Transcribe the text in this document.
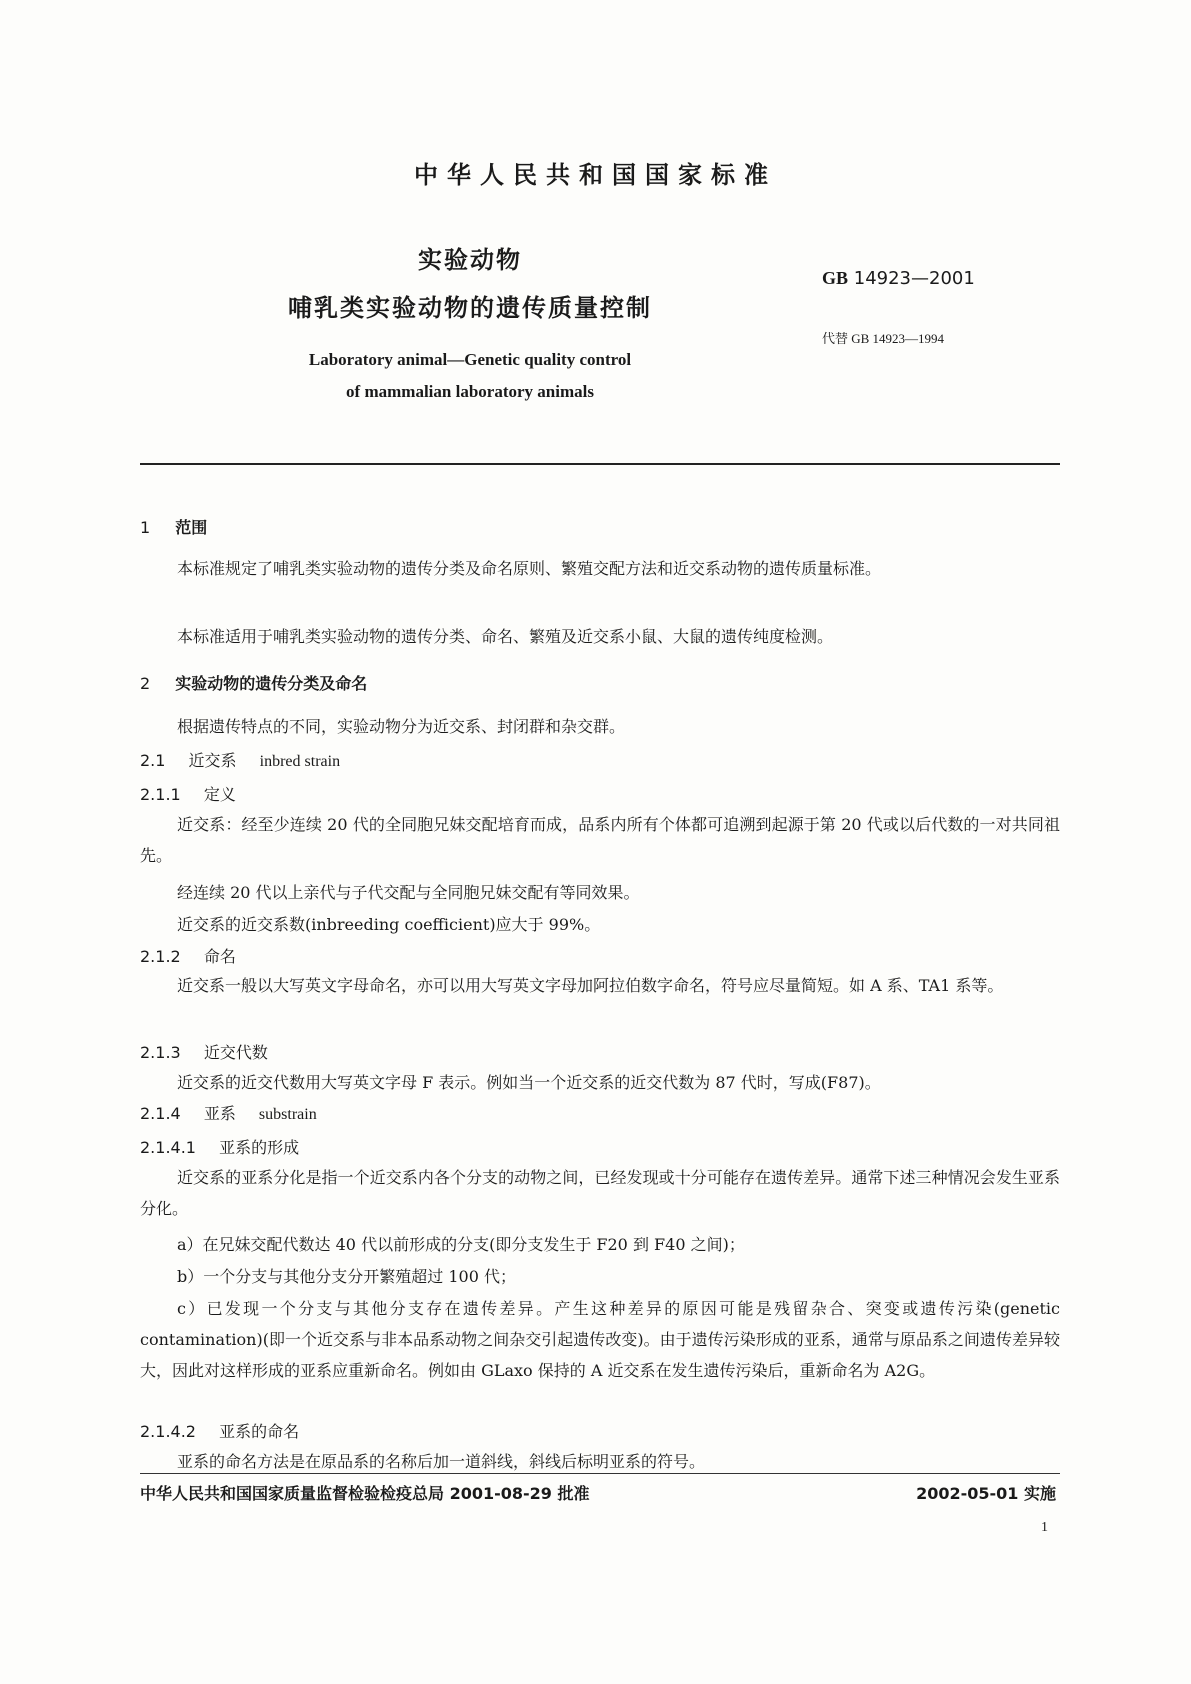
中华人民共和国国家标准
实验动物
哺乳类实验动物的遗传质量控制
Laboratory animal—Genetic quality control
of mammalian laboratory animals
GB 14923—2001
代替 GB 14923—1994
1 范围
本标准规定了哺乳类实验动物的遗传分类及命名原则、繁殖交配方法和近交系动物的遗传质量标准。
本标准适用于哺乳类实验动物的遗传分类、命名、繁殖及近交系小鼠、大鼠的遗传纯度检测。
2 实验动物的遗传分类及命名
根据遗传特点的不同，实验动物分为近交系、封闭群和杂交群。
2.1 近交系 inbred strain
2.1.1 定义
近交系：经至少连续 20 代的全同胞兄妹交配培育而成，品系内所有个体都可追溯到起源于第 20 代或以后代数的一对共同祖先。
经连续 20 代以上亲代与子代交配与全同胞兄妹交配有等同效果。
近交系的近交系数(inbreeding coefficient)应大于 99%。
2.1.2 命名
近交系一般以大写英文字母命名，亦可以用大写英文字母加阿拉伯数字命名，符号应尽量简短。如 A 系、TA1 系等。
2.1.3 近交代数
近交系的近交代数用大写英文字母 F 表示。例如当一个近交系的近交代数为 87 代时，写成(F87)。
2.1.4 亚系 substrain
2.1.4.1 亚系的形成
近交系的亚系分化是指一个近交系内各个分支的动物之间，已经发现或十分可能存在遗传差异。通常下述三种情况会发生亚系分化。
a）在兄妹交配代数达 40 代以前形成的分支(即分支发生于 F20 到 F40 之间)；
b）一个分支与其他分支分开繁殖超过 100 代；
c）已发现一个分支与其他分支存在遗传差异。产生这种差异的原因可能是残留杂合、突变或遗传污染(genetic contamination)(即一个近交系与非本品系动物之间杂交引起遗传改变)。由于遗传污染形成的亚系，通常与原品系之间遗传差异较大，因此对这样形成的亚系应重新命名。例如由 GLaxo 保持的 A 近交系在发生遗传污染后，重新命名为 A2G。
2.1.4.2 亚系的命名
亚系的命名方法是在原品系的名称后加一道斜线，斜线后标明亚系的符号。
中华人民共和国国家质量监督检验检疫总局 2001-08-29 批准	2002-05-01 实施
1
